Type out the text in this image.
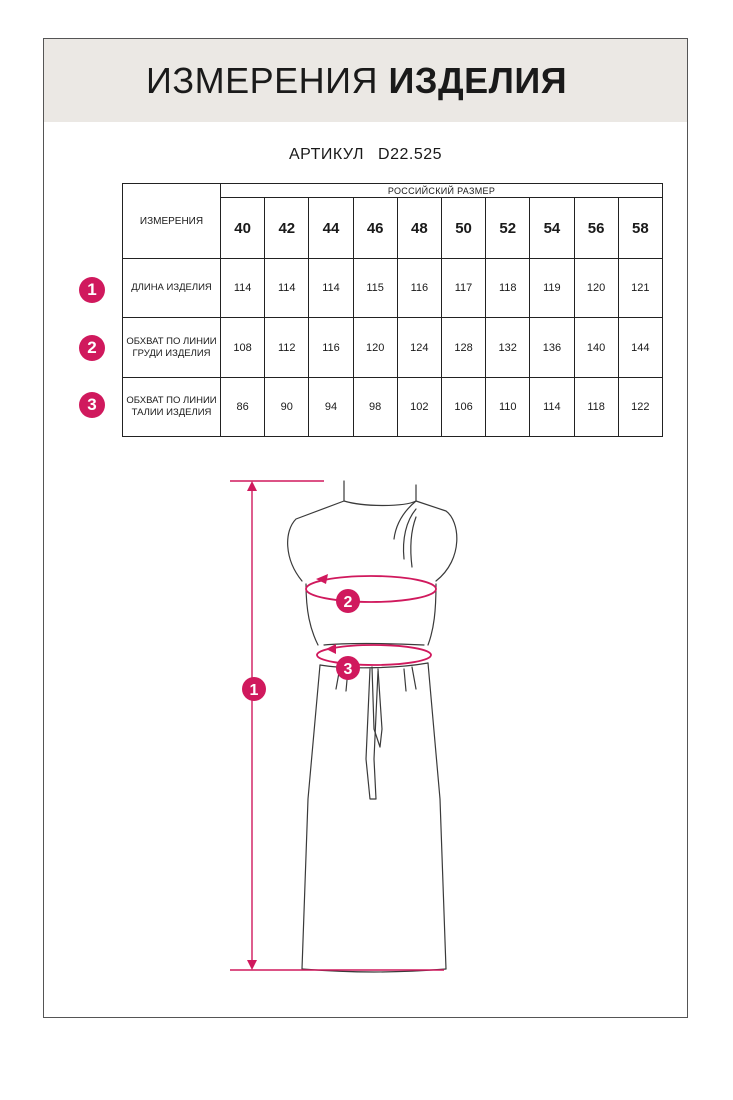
ИЗМЕРЕНИЯ ИЗДЕЛИЯ
АРТИКУЛ D22.525
ИЗМЕРЕНИЯ	РОССИЙСКИЙ РАЗМЕР									
	40	42	44	46	48	50	52	54	56	58
ДЛИНА ИЗДЕЛИЯ	114	114	114	115	116	117	118	119	120	121
ОБХВАТ ПО ЛИНИИ ГРУДИ ИЗДЕЛИЯ	108	112	116	120	124	128	132	136	140	144
ОБХВАТ ПО ЛИНИИ ТАЛИИ ИЗДЕЛИЯ	86	90	94	98	102	106	110	114	118	122
1
2
3
1
2
3
